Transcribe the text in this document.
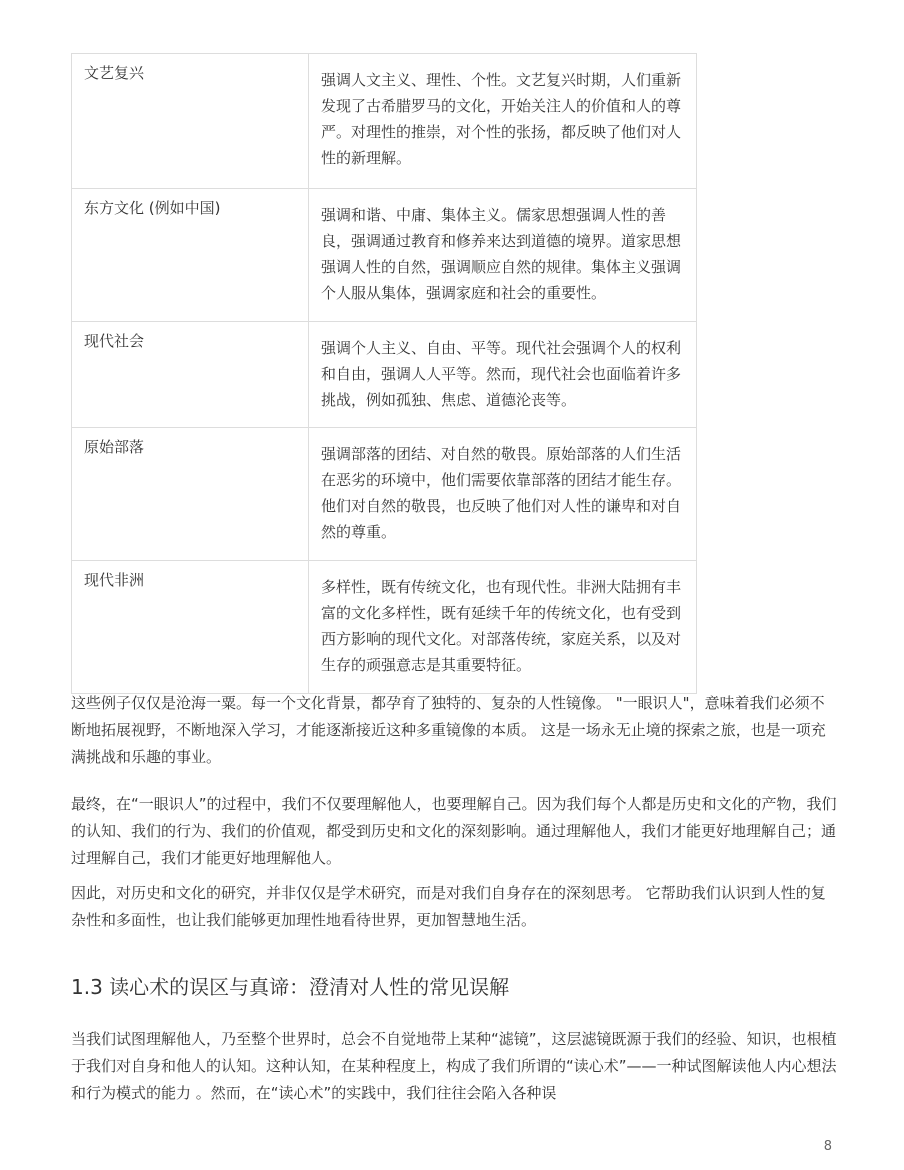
文艺复兴	强调人文主义、理性、个性。文艺复兴时期，人们重新发现了古希腊罗马的文化，开始关注人的价值和人的尊严。对理性的推崇，对个性的张扬，都反映了他们对人性的新理解。
东方文化 (例如中国)	强调和谐、中庸、集体主义。儒家思想强调人性的善良，强调通过教育和修养来达到道德的境界。道家思想强调人性的自然，强调顺应自然的规律。集体主义强调个人服从集体，强调家庭和社会的重要性。
现代社会	强调个人主义、自由、平等。现代社会强调个人的权利和自由，强调人人平等。然而，现代社会也面临着许多挑战，例如孤独、焦虑、道德沦丧等。
原始部落	强调部落的团结、对自然的敬畏。原始部落的人们生活在恶劣的环境中，他们需要依靠部落的团结才能生存。他们对自然的敬畏，也反映了他们对人性的谦卑和对自然的尊重。
现代非洲	多样性，既有传统文化，也有现代性。非洲大陆拥有丰富的文化多样性，既有延续千年的传统文化，也有受到西方影响的现代文化。对部落传统，家庭关系，以及对生存的顽强意志是其重要特征。

这些例子仅仅是沧海一粟。每一个文化背景，都孕育了独特的、复杂的人性镜像。 "一眼识人"，意味着我们必须不断地拓展视野，不断地深入学习，才能逐渐接近这种多重镜像的本质。 这是一场永无止境的探索之旅，也是一项充满挑战和乐趣的事业。

最终，在“一眼识人”的过程中，我们不仅要理解他人，也要理解自己。因为我们每个人都是历史和文化的产物，我们的认知、我们的行为、我们的价值观，都受到历史和文化的深刻影响。通过理解他人，我们才能更好地理解自己；通过理解自己，我们才能更好地理解他人。

因此，对历史和文化的研究，并非仅仅是学术研究，而是对我们自身存在的深刻思考。 它帮助我们认识到人性的复杂性和多面性，也让我们能够更加理性地看待世界，更加智慧地生活。

1.3 读心术的误区与真谛：澄清对人性的常见误解

当我们试图理解他人，乃至整个世界时，总会不自觉地带上某种“滤镜”，这层滤镜既源于我们的经验、知识，也根植于我们对自身和他人的认知。这种认知，在某种程度上，构成了我们所谓的“读心术”——一种试图解读他人内心想法和行为模式的能力 。然而，在“读心术”的实践中，我们往往会陷入各种误

8
